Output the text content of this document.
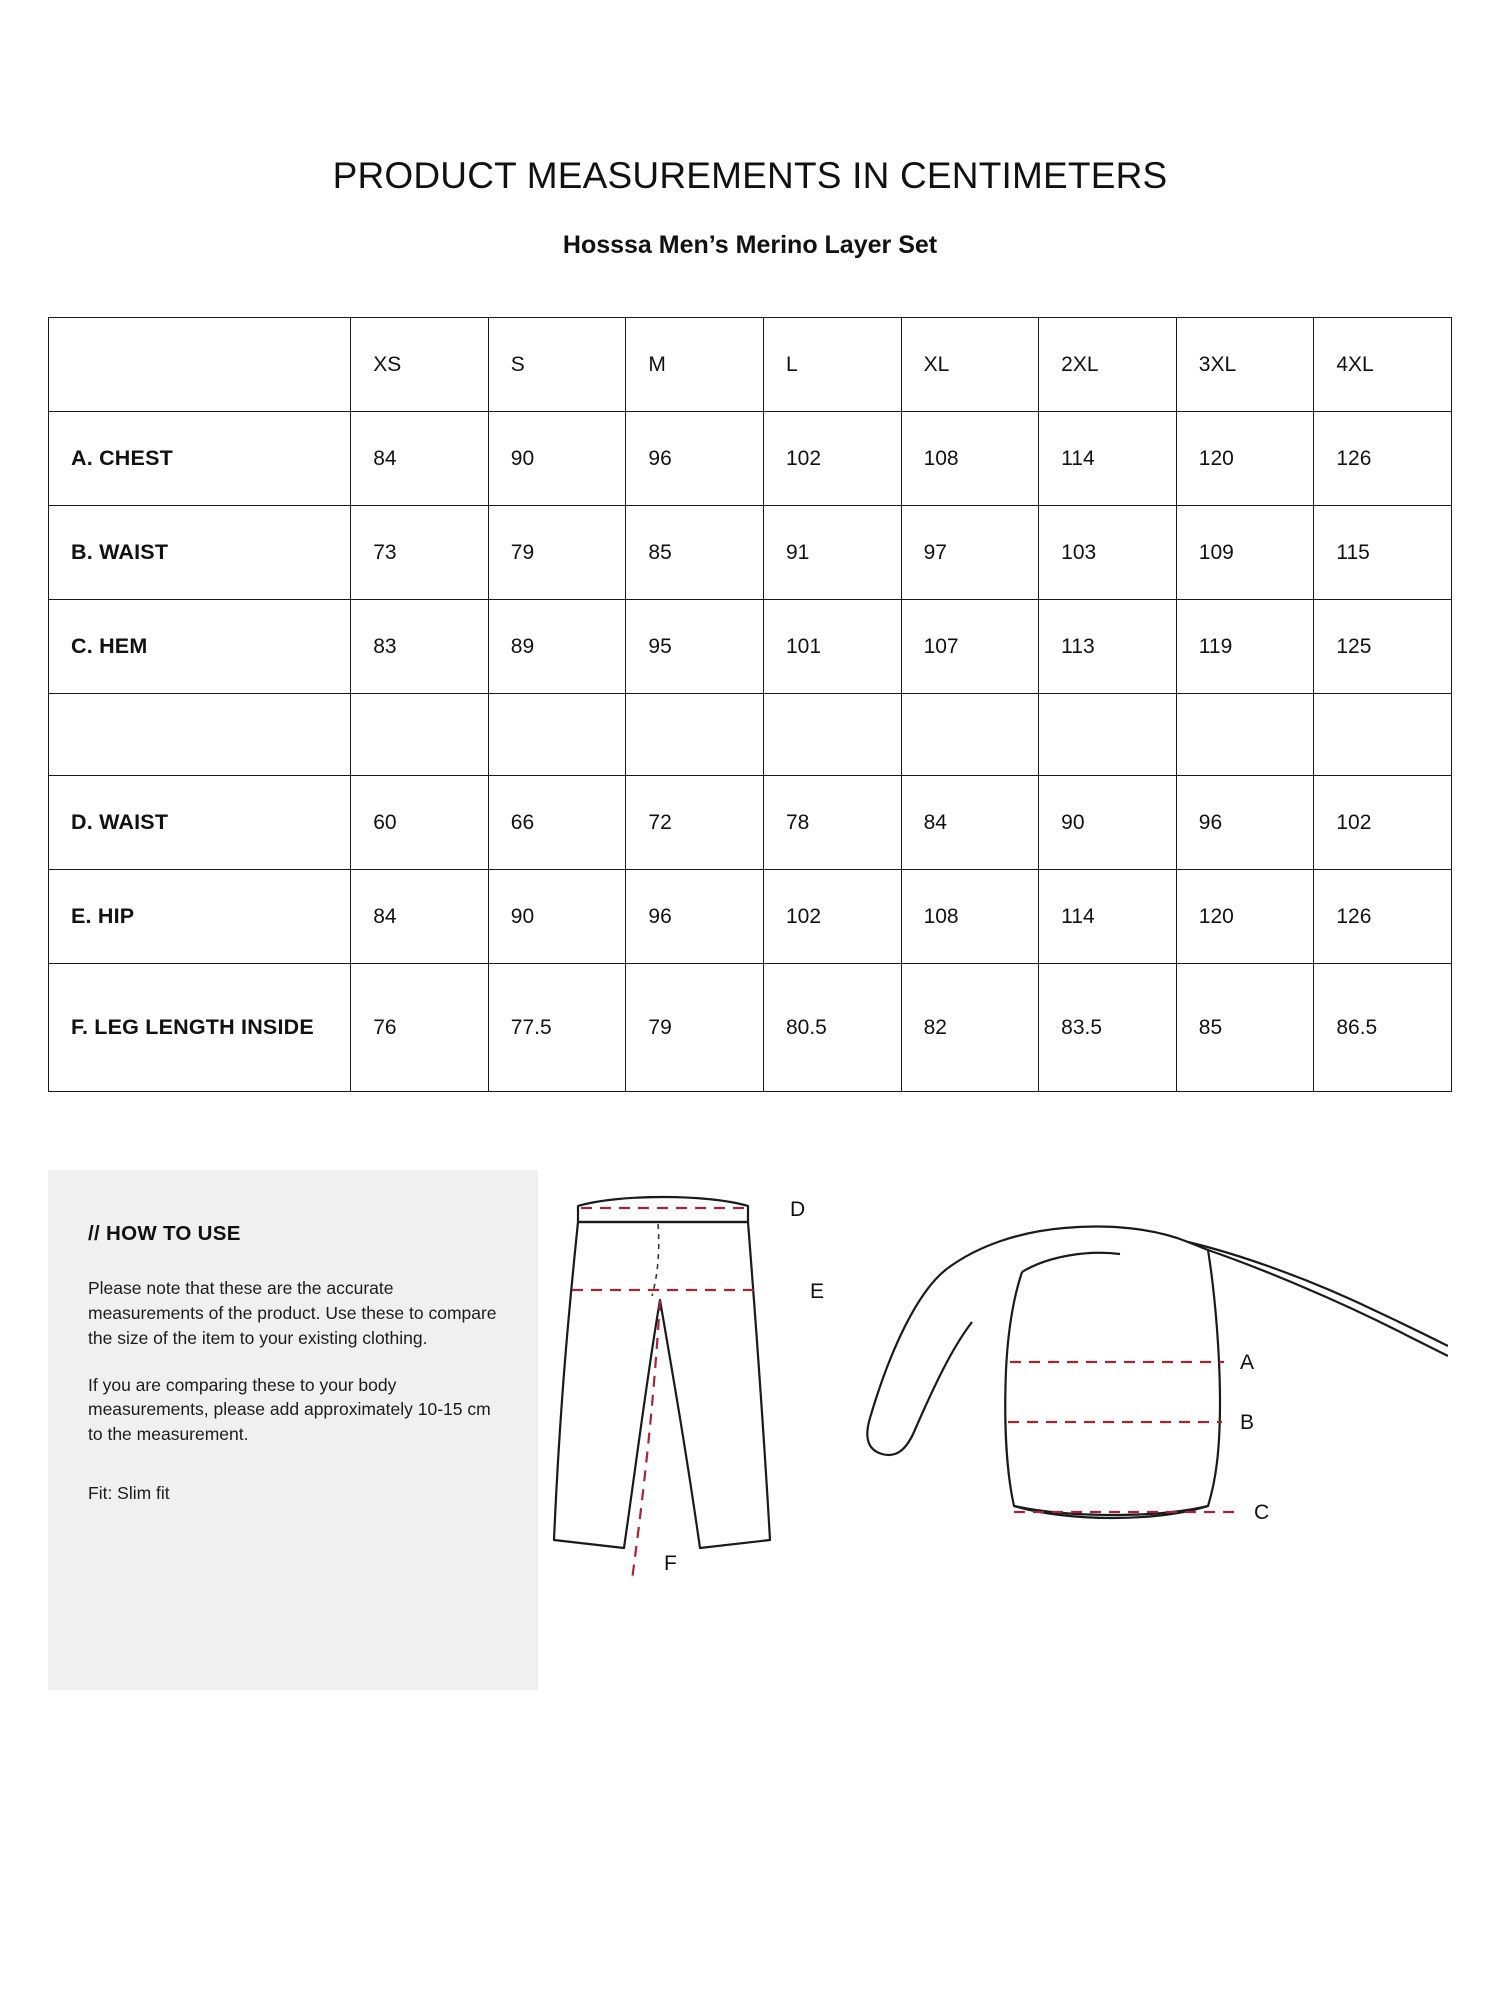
PRODUCT MEASUREMENTS IN CENTIMETERS
Hosssa Men’s Merino Layer Set
	XS	S	M	L	XL	2XL	3XL	4XL
A. CHEST	84	90	96	102	108	114	120	126
B. WAIST	73	79	85	91	97	103	109	115
C. HEM	83	89	95	101	107	113	119	125

D. WAIST	60	66	72	78	84	90	96	102
E. HIP	84	90	96	102	108	114	120	126
F. LEG LENGTH INSIDE	76	77.5	79	80.5	82	83.5	85	86.5
// HOW TO USE

Please note that these are the accurate measurements of the product. Use these to compare the size of the item to your existing clothing.

If you are comparing these to your body measurements, please add approximately 10-15 cm to the measurement.

Fit: Slim fit

D
E
F
A
B
C
